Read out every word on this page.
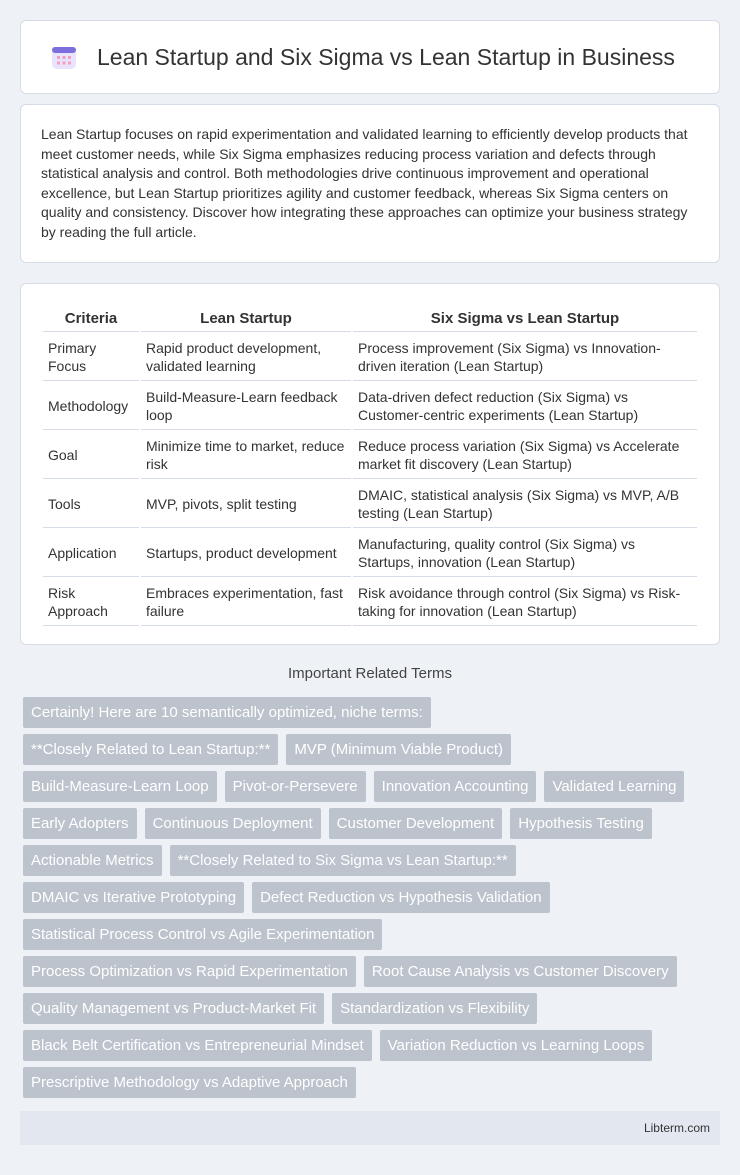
Lean Startup and Six Sigma vs Lean Startup in Business

Lean Startup focuses on rapid experimentation and validated learning to efficiently develop products that meet customer needs, while Six Sigma emphasizes reducing process variation and defects through statistical analysis and control. Both methodologies drive continuous improvement and operational excellence, but Lean Startup prioritizes agility and customer feedback, whereas Six Sigma centers on quality and consistency. Discover how integrating these approaches can optimize your business strategy by reading the full article.

Criteria	Lean Startup	Six Sigma vs Lean Startup
Primary Focus	Rapid product development, validated learning	Process improvement (Six Sigma) vs Innovation-driven iteration (Lean Startup)
Methodology	Build-Measure-Learn feedback loop	Data-driven defect reduction (Six Sigma) vs Customer-centric experiments (Lean Startup)
Goal	Minimize time to market, reduce risk	Reduce process variation (Six Sigma) vs Accelerate market fit discovery (Lean Startup)
Tools	MVP, pivots, split testing	DMAIC, statistical analysis (Six Sigma) vs MVP, A/B testing (Lean Startup)
Application	Startups, product development	Manufacturing, quality control (Six Sigma) vs Startups, innovation (Lean Startup)
Risk Approach	Embraces experimentation, fast failure	Risk avoidance through control (Six Sigma) vs Risk-taking for innovation (Lean Startup)
Important Related Terms
Certainly! Here are 10 semantically optimized, niche terms:
**Closely Related to Lean Startup:**	MVP (Minimum Viable Product)
Build-Measure-Learn Loop	Pivot-or-Persevere	Innovation Accounting	Validated Learning
Early Adopters	Continuous Deployment	Customer Development	Hypothesis Testing
Actionable Metrics	**Closely Related to Six Sigma vs Lean Startup:**
DMAIC vs Iterative Prototyping	Defect Reduction vs Hypothesis Validation
Statistical Process Control vs Agile Experimentation
Process Optimization vs Rapid Experimentation	Root Cause Analysis vs Customer Discovery
Quality Management vs Product-Market Fit	Standardization vs Flexibility
Black Belt Certification vs Entrepreneurial Mindset	Variation Reduction vs Learning Loops
Prescriptive Methodology vs Adaptive Approach
Libterm.com
